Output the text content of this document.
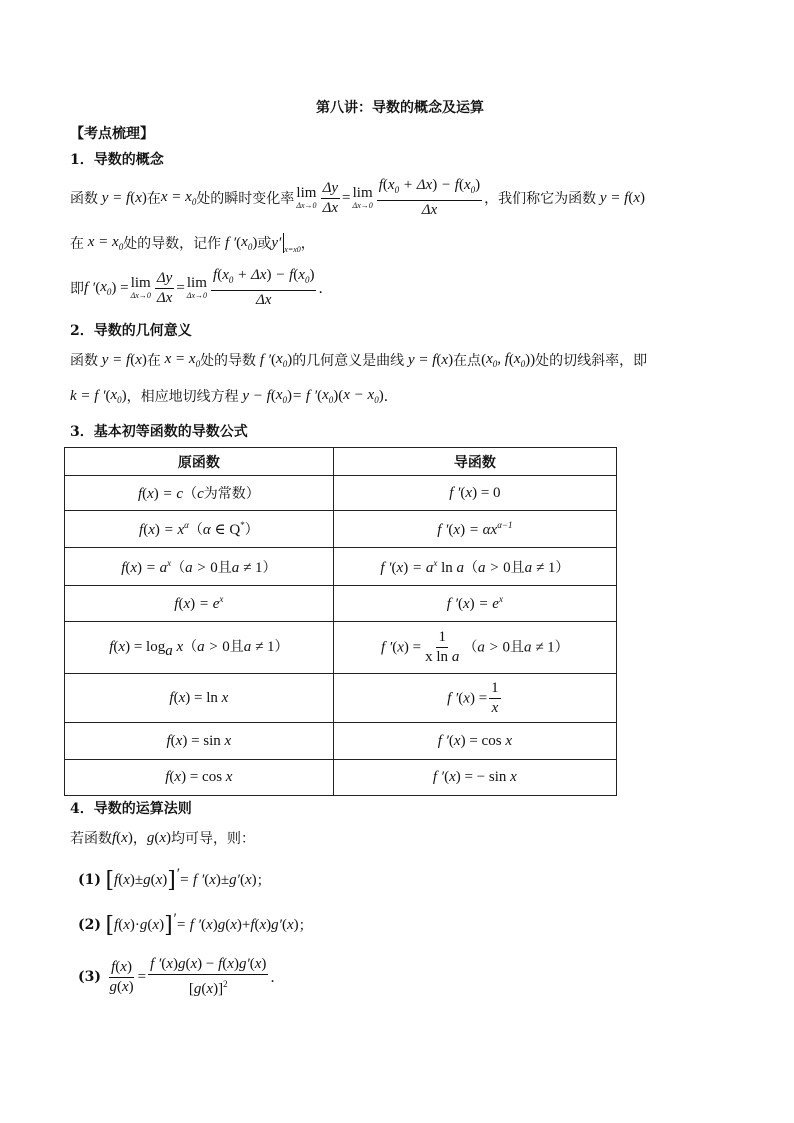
第八讲：导数的概念及运算
【考点梳理】
1．导数的概念
函数 y = f ( x ) 在 $x = x_0$ 处的瞬时变化率 lim
$\Delta x\to 0 \frac{\Delta y}{\Delta x} = \lim$
$\Delta x\to 0 \frac{f(x_0 + \Delta x) - f(x_0)}{\Delta x}$ ，我们称它为函数 y = f ( x )
在 $x = x_0$ 处的导数，记作 f ′ ( $x_0$ ) 或 y′ x=x0 ，
即 f ′ ( $x_0$ ) = lim
$\Delta x\to 0 \frac{\Delta y}{\Delta x} = \lim$
$\Delta x\to 0 \frac{f(x_0 + \Delta x) - f(x_0)}{\Delta x}$ ．
2．导数的几何意义
函数 y = f ( x ) 在 $x = x_0$ 处的导数 f ′ ( $x_0$ ) 的几何意义是曲线 y = f ( x ) 在点 ( $x_0$, f ( $x_0$ )) 处的切线斜率，即
k = f ′ ( $x_0$ ) ，相应地切线方程 y − f ( $x_0$ ) = f ′ ( $x_0$ )( $x - x_0$ ) ．
3．基本初等函数的导数公式
原函数	导函数
f(x) = c（c为常数）	f ′(x) = 0
$f(x) = x^\alpha(\alpha$ ∈ Q*）	f $'(x) = \alpha x^{\alpha-1}$
$f(x) = a^x(a > 0$且a ≠ 1）	f $'(x) = a^x$ ln a（a > 0且a ≠ 1）
$f(x) = e^x$	f $'(x) = e^x$
$f(x) = \log_a x(a > 0$且a ≠ 1）	f $'(x) = \frac{1}{\text{x ln a}} (a > 0$且a ≠ 1）
f(x) = ln x	f $'(x) = \frac{1}{x}$

f(x) = sin x	f ′(x) = cos x
f(x) = cos x	f ′(x) = − sin x
4．导数的运算法则
若函数 f ( x ) ， g ( x ) 均可导，则：
(1)
[ f ( x ) ± g ( x ) ] ′ = f ′ ( x ) ± g′ ( x ) ；
(2)
[ f ( x ) · g ( x ) ] ′ = f ′ ( x ) g ( x ) + f ( x ) g′ ( x ) ；
(3)
$\frac{f(x)}{g(x)} = \frac{f '(x)g(x) - f(x)g'(x)}{[g(x)]^2}$ ．
